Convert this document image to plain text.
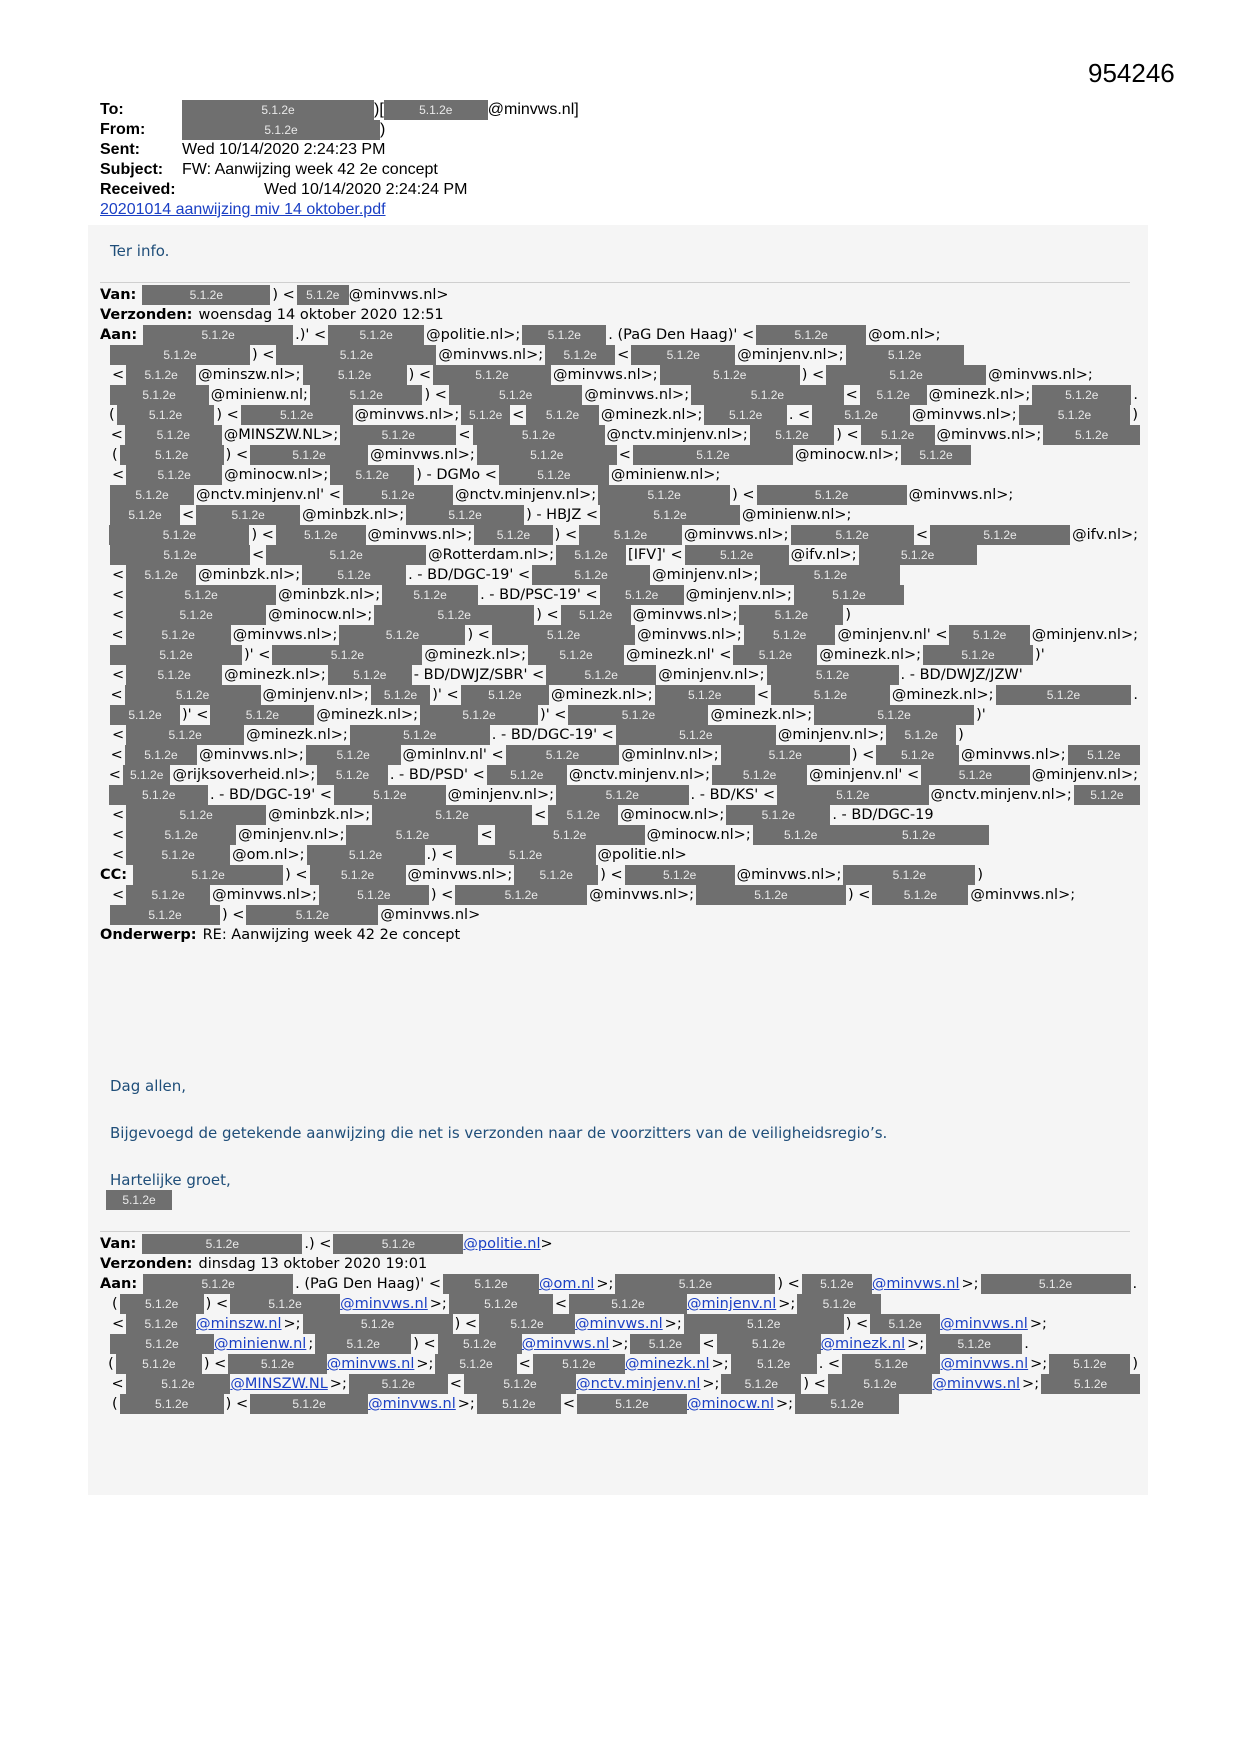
954246
To:	5.1.2e	)[	5.1.2e	@minvws.nl]
From:	5.1.2e	)
Sent:	Wed 10/14/2020 2:24:23 PM
Subject:	FW: Aanwijzing week 42 2e concept
Received:	Wed 10/14/2020 2:24:24 PM
20201014 aanwijzing miv 14 oktober.pdf
Ter info.
Van:	5.1.2e	) < 5.1.2e @minvws.nl>
Verzonden: woensdag 14 oktober 2020 12:51
Aan:	5.1.2e	.)' <	5.1.2e	@politie.nl>;	5.1.2e	. (PaG Den Haag)' <	5.1.2e	@om.nl>;
5.1.2e	) <	5.1.2e	@minvws.nl>;	5.1.2e	<	5.1.2e	@minjenv.nl>;	5.1.2e
<	5.1.2e	@minszw.nl>;	5.1.2e	) <	5.1.2e	@minvws.nl>;	5.1.2e	) <	5.1.2e	@minvws.nl>;
5.1.2e	@minienw.nl;	5.1.2e	) <	5.1.2e	@minvws.nl>;	5.1.2e	<	5.1.2e	@minezk.nl>;	5.1.2e	.
(	5.1.2e	) <	5.1.2e	@minvws.nl>; 5.1.2e <	5.1.2e	@minezk.nl>;	5.1.2e	. <	5.1.2e	@minvws.nl>;	5.1.2e	)
<	5.1.2e	@MINSZW.NL>;	5.1.2e	<	5.1.2e	@nctv.minjenv.nl>;	5.1.2e	) <	5.1.2e	@minvws.nl>;	5.1.2e
(	5.1.2e	) <	5.1.2e	@minvws.nl>;	5.1.2e	<	5.1.2e	@minocw.nl>;	5.1.2e
<	5.1.2e	@minocw.nl>;	5.1.2e	) - DGMo <	5.1.2e	@minienw.nl>;
5.1.2e	@nctv.minjenv.nl' <	5.1.2e	@nctv.minjenv.nl>;	5.1.2e	) <	5.1.2e	@minvws.nl>;
5.1.2e	<	5.1.2e	@minbzk.nl>;	5.1.2e	) - HBJZ <	5.1.2e	@minienw.nl>;
5.1.2e	) <	5.1.2e	@minvws.nl>;	5.1.2e	) <	5.1.2e	@minvws.nl>;	5.1.2e	<	5.1.2e	@ifv.nl>;
5.1.2e	<	5.1.2e	@Rotterdam.nl>;	5.1.2e	[IFV]' <	5.1.2e	@ifv.nl>;	5.1.2e
<	5.1.2e	@minbzk.nl>;	5.1.2e	. - BD/DGC-19' <	5.1.2e	@minjenv.nl>;	5.1.2e
<	5.1.2e	@minbzk.nl>;	5.1.2e	. - BD/PSC-19' <	5.1.2e	@minjenv.nl>;	5.1.2e
<	5.1.2e	@minocw.nl>;	5.1.2e	) <	5.1.2e	@minvws.nl>;	5.1.2e	)
<	5.1.2e	@minvws.nl>;	5.1.2e	) <	5.1.2e	@minvws.nl>;	5.1.2e	@minjenv.nl' <	5.1.2e	@minjenv.nl>;
5.1.2e	)' <	5.1.2e	@minezk.nl>;	5.1.2e	@minezk.nl' <	5.1.2e	@minezk.nl>;	5.1.2e	)'
<	5.1.2e	@minezk.nl>;	5.1.2e	- BD/DWJZ/SBR' <	5.1.2e	@minjenv.nl>;	5.1.2e	. - BD/DWJZ/JZW'
<	5.1.2e	@minjenv.nl>;	5.1.2e	)' <	5.1.2e	@minezk.nl>;	5.1.2e	<	5.1.2e	@minezk.nl>;	5.1.2e	.
5.1.2e	)' <	5.1.2e	@minezk.nl>;	5.1.2e	)' <	5.1.2e	@minezk.nl>;	5.1.2e	)'
<	5.1.2e	@minezk.nl>;	5.1.2e	. - BD/DGC-19' <	5.1.2e	@minjenv.nl>;	5.1.2e	)
<	5.1.2e	@minvws.nl>;	5.1.2e	@minlnv.nl' <	5.1.2e	@minlnv.nl>;	5.1.2e	) <	5.1.2e	@minvws.nl>;	5.1.2e
< 5.1.2e @rijksoverheid.nl>;	5.1.2e	. - BD/PSD' <	5.1.2e	@nctv.minjenv.nl>;	5.1.2e	@minjenv.nl' <	5.1.2e	@minjenv.nl>;
5.1.2e	. - BD/DGC-19' <	5.1.2e	@minjenv.nl>;	5.1.2e	. - BD/KS' <	5.1.2e	@nctv.minjenv.nl>;	5.1.2e
<	5.1.2e	@minbzk.nl>;	5.1.2e	<	5.1.2e	@minocw.nl>;	5.1.2e	. - BD/DGC-19
<	5.1.2e	@minjenv.nl>;	5.1.2e	<	5.1.2e	@minocw.nl>;	5.1.2e	5.1.2e
<	5.1.2e	@om.nl>;	5.1.2e	.) <	5.1.2e	@politie.nl>
CC:	5.1.2e	) <	5.1.2e	@minvws.nl>;	5.1.2e	) <	5.1.2e	@minvws.nl>;	5.1.2e	)
<	5.1.2e	@minvws.nl>;	5.1.2e	) <	5.1.2e	@minvws.nl>;	5.1.2e	) <	5.1.2e	@minvws.nl>;
5.1.2e	) <	5.1.2e	@minvws.nl>
Onderwerp: RE: Aanwijzing week 42 2e concept
Dag allen,
Bijgevoegd de getekende aanwijzing die net is verzonden naar de voorzitters van de veiligheidsregio’s.
Hartelijke groet,
5.1.2e
Van:	5.1.2e	.) <	5.1.2e	@politie.nl >
Verzonden: dinsdag 13 oktober 2020 19:01
Aan:	5.1.2e	. (PaG Den Haag)' <	5.1.2e	@om.nl >;	5.1.2e	) <	5.1.2e	@minvws.nl >;	5.1.2e	.
(	5.1.2e	) <	5.1.2e	@minvws.nl >;	5.1.2e	<	5.1.2e	@minjenv.nl >;	5.1.2e
<	5.1.2e	@minszw.nl >;	5.1.2e	) <	5.1.2e	@minvws.nl >;	5.1.2e	) <	5.1.2e	@minvws.nl >;
5.1.2e	@minienw.nl ;	5.1.2e	) <	5.1.2e	@minvws.nl >;	5.1.2e	<	5.1.2e	@minezk.nl >;	5.1.2e	.
(	5.1.2e	) <	5.1.2e	@minvws.nl >;	5.1.2e	<	5.1.2e	@minezk.nl >;	5.1.2e	. <	5.1.2e	@minvws.nl >;	5.1.2e	)
<	5.1.2e	@MINSZW.NL >;	5.1.2e	<	5.1.2e	@nctv.minjenv.nl >;	5.1.2e	) <	5.1.2e	@minvws.nl >;	5.1.2e
(	5.1.2e	) <	5.1.2e	@minvws.nl >;	5.1.2e	<	5.1.2e	@minocw.nl >;	5.1.2e
